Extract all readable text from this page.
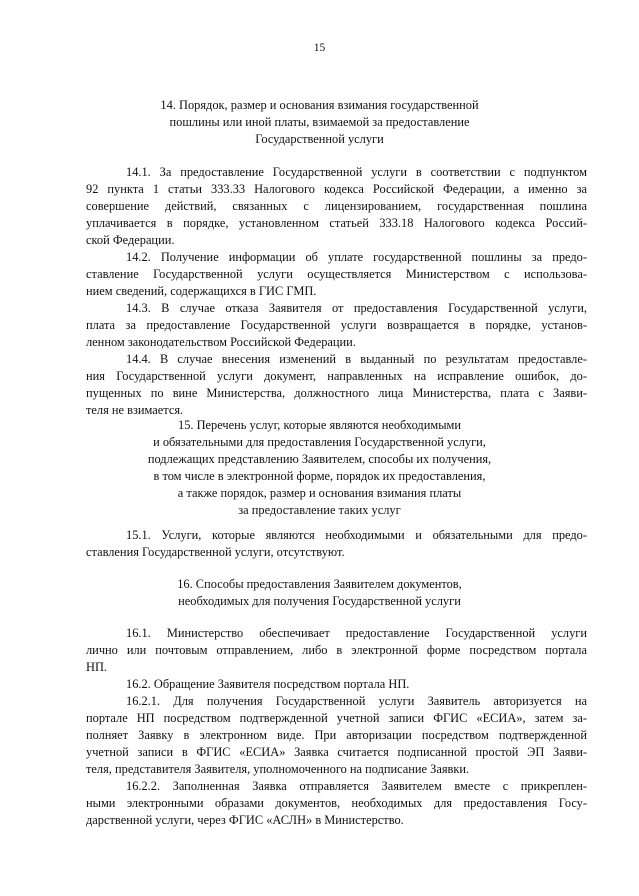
15
14. Порядок, размер и основания взимания государственной
пошлины или иной платы, взимаемой за предоставление
Государственной услуги
14.1. За предоставление Государственной услуги в соответствии с подпунктом
92 пункта 1 статьи 333.33 Налогового кодекса Российской Федерации, а именно за
совершение действий, связанных с лицензированием, государственная пошлина
уплачивается в порядке, установленном статьей 333.18 Налогового кодекса Россий-
ской Федерации.
14.2. Получение информации об уплате государственной пошлины за предо-
ставление Государственной услуги осуществляется Министерством с использова-
нием сведений, содержащихся в ГИС ГМП.
14.3. В случае отказа Заявителя от предоставления Государственной услуги,
плата за предоставление Государственной услуги возвращается в порядке, установ-
ленном законодательством Российской Федерации.
14.4. В случае внесения изменений в выданный по результатам предоставле-
ния Государственной услуги документ, направленных на исправление ошибок, до-
пущенных по вине Министерства, должностного лица Министерства, плата с Заяви-
теля не взимается.
15. Перечень услуг, которые являются необходимыми
и обязательными для предоставления Государственной услуги,
подлежащих представлению Заявителем, способы их получения,
в том числе в электронной форме, порядок их предоставления,
а также порядок, размер и основания взимания платы
за предоставление таких услуг
15.1. Услуги, которые являются необходимыми и обязательными для предо-
ставления Государственной услуги, отсутствуют.
16. Способы предоставления Заявителем документов,
необходимых для получения Государственной услуги
16.1. Министерство обеспечивает предоставление Государственной услуги
лично или почтовым отправлением, либо в электронной форме посредством портала
НП.
16.2. Обращение Заявителя посредством портала НП.
16.2.1. Для получения Государственной услуги Заявитель авторизуется на
портале НП посредством подтвержденной учетной записи ФГИС «ЕСИА», затем за-
полняет Заявку в электронном виде. При авторизации посредством подтвержденной
учетной записи в ФГИС «ЕСИА» Заявка считается подписанной простой ЭП Заяви-
теля, представителя Заявителя, уполномоченного на подписание Заявки.
16.2.2. Заполненная Заявка отправляется Заявителем вместе с прикреплен-
ными электронными образами документов, необходимых для предоставления Госу-
дарственной услуги, через ФГИС «АСЛН» в Министерство.
